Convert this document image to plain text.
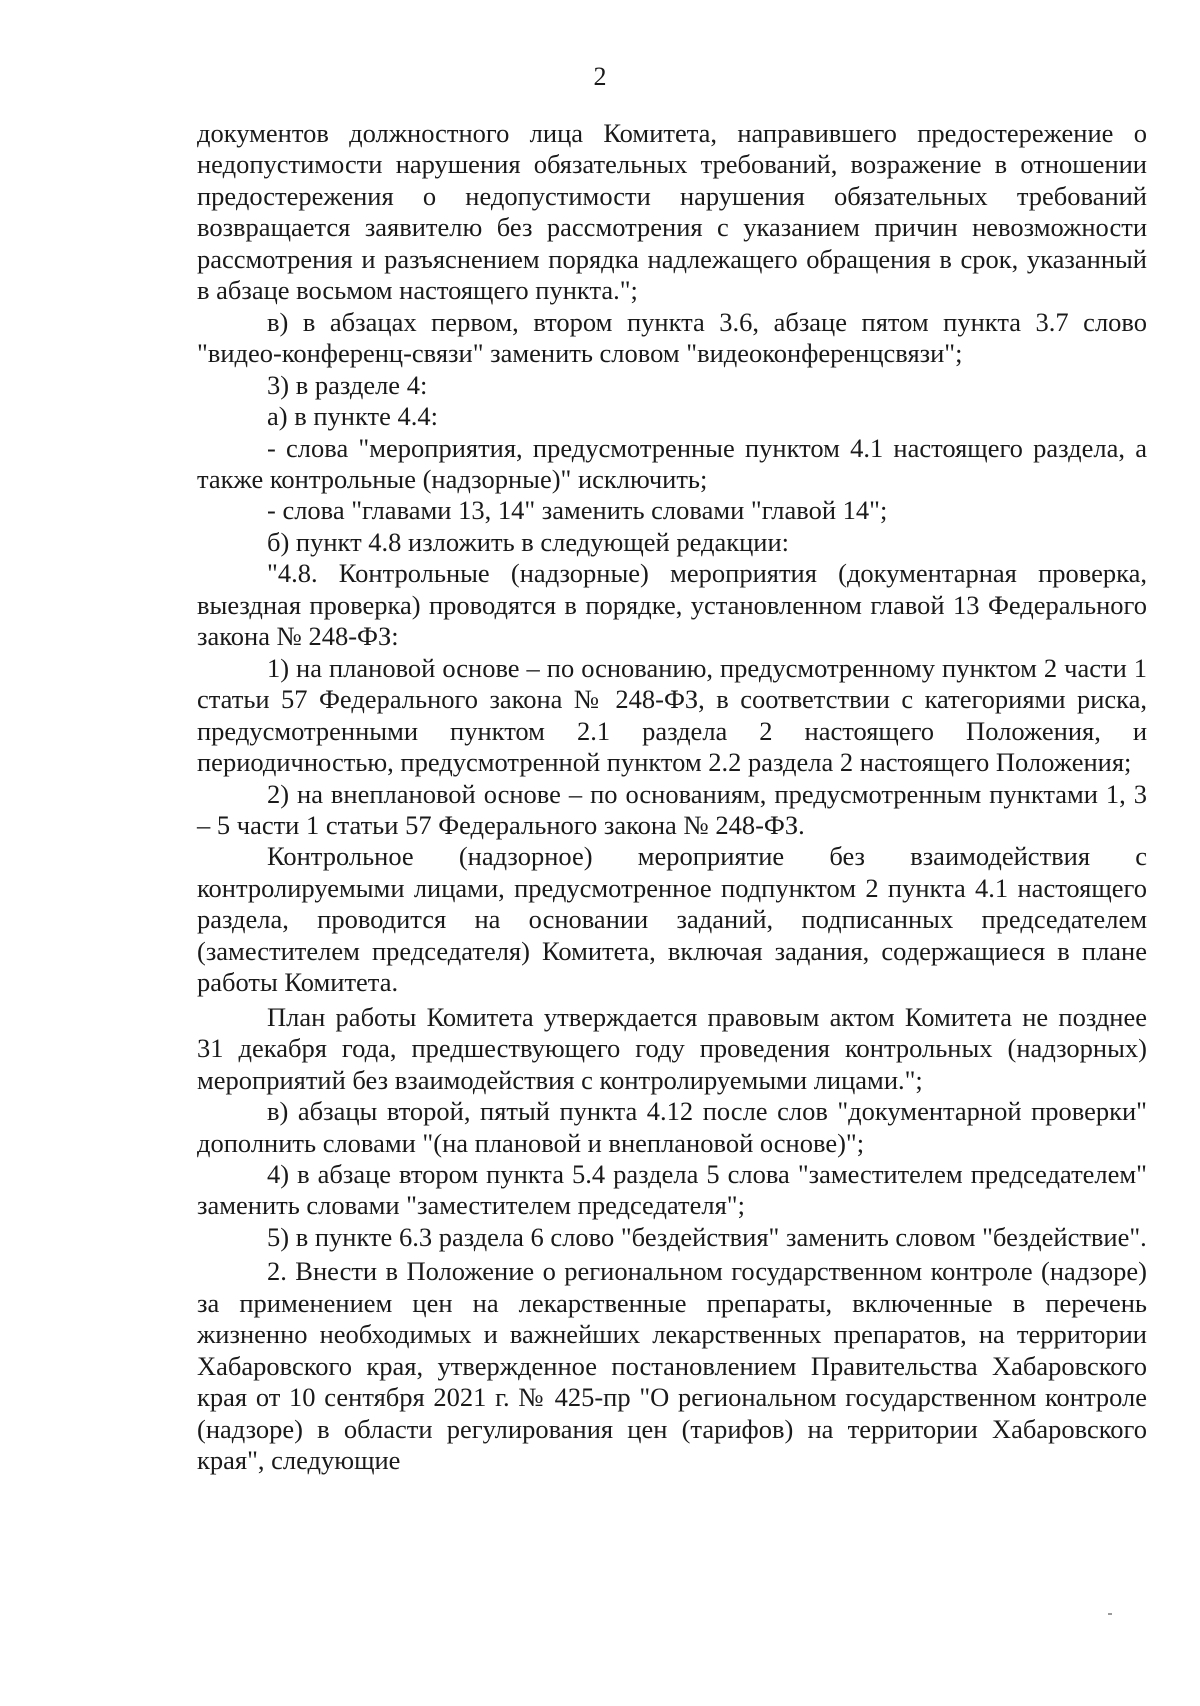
2

документов должностного лица Комитета, направившего предостережение о недопустимости нарушения обязательных требований, возражение в отношении предостережения о недопустимости нарушения обязательных требований возвращается заявителю без рассмотрения с указанием причин невозможности рассмотрения и разъяснением порядка надлежащего обращения в срок, указанный в абзаце восьмом настоящего пункта.";

в) в абзацах первом, втором пункта 3.6, абзаце пятом пункта 3.7 слово "видео-конференц-связи" заменить словом "видеоконференцсвязи";

3) в разделе 4:

а) в пункте 4.4:

- слова "мероприятия, предусмотренные пунктом 4.1 настоящего раздела, а также контрольные (надзорные)" исключить;

- слова "главами 13, 14" заменить словами "главой 14";

б) пункт 4.8 изложить в следующей редакции:

"4.8. Контрольные (надзорные) мероприятия (документарная проверка, выездная проверка) проводятся в порядке, установленном главой 13 Федерального закона № 248-ФЗ:

1) на плановой основе – по основанию, предусмотренному пунктом 2 части 1 статьи 57 Федерального закона № 248-ФЗ, в соответствии с категориями риска, предусмотренными пунктом 2.1 раздела 2 настоящего Положения, и периодичностью, предусмотренной пунктом 2.2 раздела 2 настоящего Положения;

2) на внеплановой основе – по основаниям, предусмотренным пунктами 1, 3 – 5 части 1 статьи 57 Федерального закона № 248-ФЗ.

Контрольное (надзорное) мероприятие без взаимодействия с контролируемыми лицами, предусмотренное подпунктом 2 пункта 4.1 настоящего раздела, проводится на основании заданий, подписанных председателем (заместителем председателя) Комитета, включая задания, содержащиеся в плане работы Комитета.

План работы Комитета утверждается правовым актом Комитета не позднее 31 декабря года, предшествующего году проведения контрольных (надзорных) мероприятий без взаимодействия с контролируемыми лицами.";

в) абзацы второй, пятый пункта 4.12 после слов "документарной проверки" дополнить словами "(на плановой и внеплановой основе)";

4) в абзаце втором пункта 5.4 раздела 5 слова "заместителем председателем" заменить словами "заместителем председателя";

5) в пункте 6.3 раздела 6 слово "бездействия" заменить словом "бездействие".

2. Внести в Положение о региональном государственном контроле (надзоре) за применением цен на лекарственные препараты, включенные в перечень жизненно необходимых и важнейших лекарственных препаратов, на территории Хабаровского края, утвержденное постановлением Правительства Хабаровского края от 10 сентября 2021 г. № 425-пр "О региональном государственном контроле (надзоре) в области регулирования цен (тарифов) на территории Хабаровского края", следующие
